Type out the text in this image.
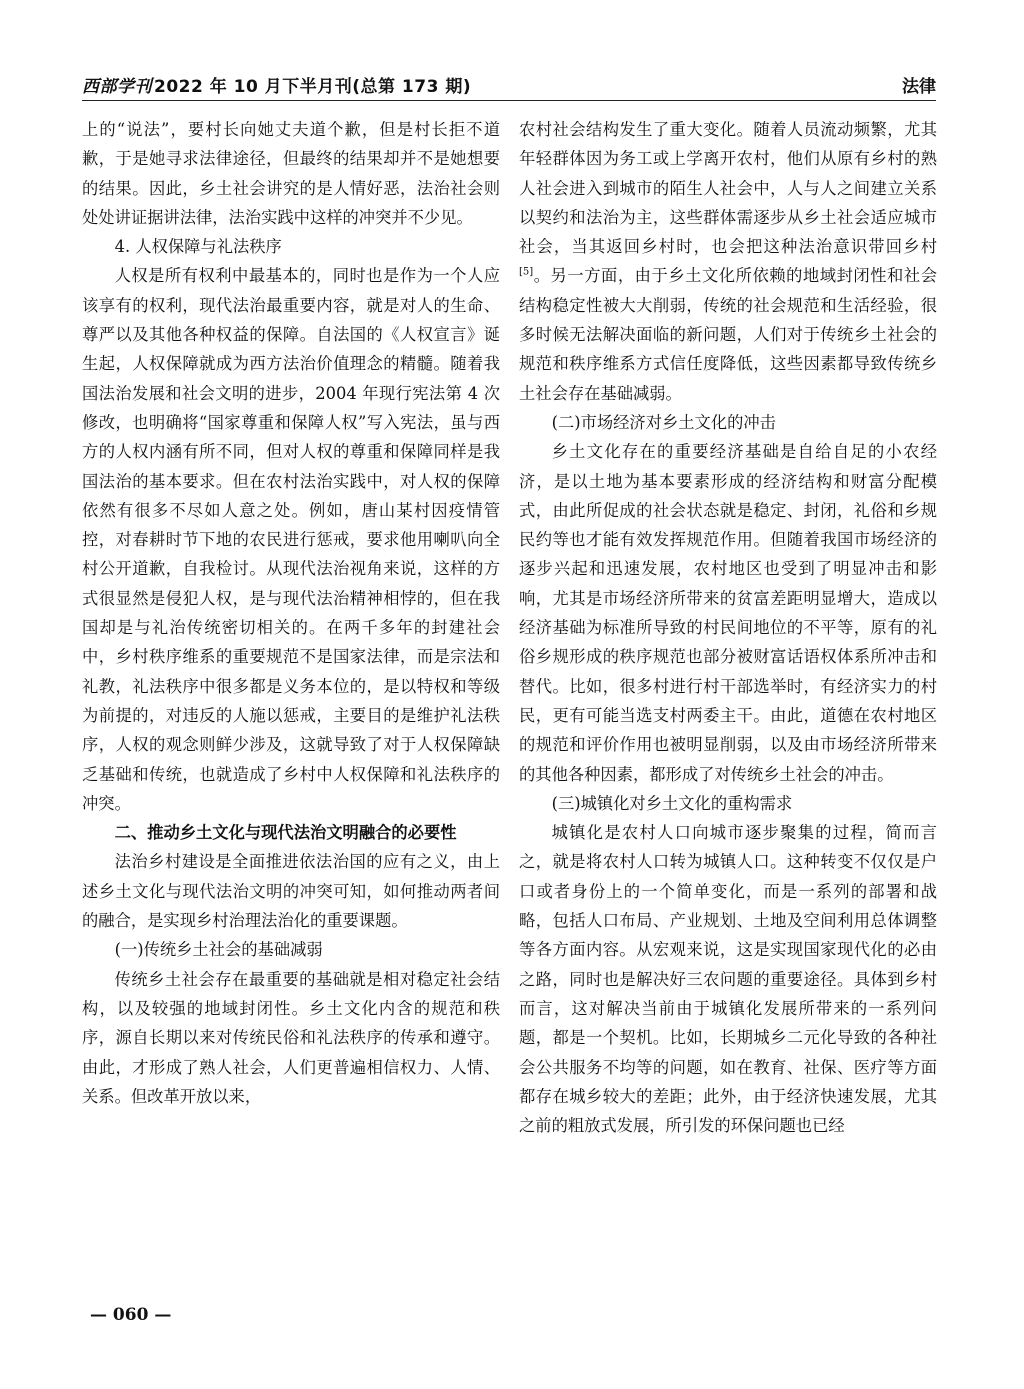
西部学刊 2022 年 10 月下半月刊(总第 173 期)	法律

上的“说法”，要村长向她丈夫道个歉，但是村长拒不道歉，于是她寻求法律途径，但最终的结果却并不是她想要的结果。因此，乡土社会讲究的是人情好恶，法治社会则处处讲证据讲法律，法治实践中这样的冲突并不少见。

4. 人权保障与礼法秩序

人权是所有权利中最基本的，同时也是作为一个人应该享有的权利，现代法治最重要内容，就是对人的生命、尊严以及其他各种权益的保障。自法国的《人权宣言》诞生起，人权保障就成为西方法治价值理念的精髓。随着我国法治发展和社会文明的进步，2004 年现行宪法第 4 次修改，也明确将“国家尊重和保障人权”写入宪法，虽与西方的人权内涵有所不同，但对人权的尊重和保障同样是我国法治的基本要求。但在农村法治实践中，对人权的保障依然有很多不尽如人意之处。例如，唐山某村因疫情管控，对春耕时节下地的农民进行惩戒，要求他用喇叭向全村公开道歉，自我检讨。从现代法治视角来说，这样的方式很显然是侵犯人权，是与现代法治精神相悖的，但在我国却是与礼治传统密切相关的。在两千多年的封建社会中，乡村秩序维系的重要规范不是国家法律，而是宗法和礼教，礼法秩序中很多都是义务本位的，是以特权和等级为前提的，对违反的人施以惩戒，主要目的是维护礼法秩序，人权的观念则鲜少涉及，这就导致了对于人权保障缺乏基础和传统，也就造成了乡村中人权保障和礼法秩序的冲突。

二、推动乡土文化与现代法治文明融合的必要性

法治乡村建设是全面推进依法治国的应有之义，由上述乡土文化与现代法治文明的冲突可知，如何推动两者间的融合，是实现乡村治理法治化的重要课题。

(一)传统乡土社会的基础减弱

传统乡土社会存在最重要的基础就是相对稳定社会结构，以及较强的地域封闭性。乡土文化内含的规范和秩序，源自长期以来对传统民俗和礼法秩序的传承和遵守。由此，才形成了熟人社会，人们更普遍相信权力、人情、关系。但改革开放以来，

农村社会结构发生了重大变化。随着人员流动频繁，尤其年轻群体因为务工或上学离开农村，他们从原有乡村的熟人社会进入到城市的陌生人社会中，人与人之间建立关系以契约和法治为主，这些群体需逐步从乡土社会适应城市社会，当其返回乡村时，也会把这种法治意识带回乡村[5]。另一方面，由于乡土文化所依赖的地域封闭性和社会结构稳定性被大大削弱，传统的社会规范和生活经验，很多时候无法解决面临的新问题，人们对于传统乡土社会的规范和秩序维系方式信任度降低，这些因素都导致传统乡土社会存在基础减弱。

(二)市场经济对乡土文化的冲击

乡土文化存在的重要经济基础是自给自足的小农经济，是以土地为基本要素形成的经济结构和财富分配模式，由此所促成的社会状态就是稳定、封闭，礼俗和乡规民约等也才能有效发挥规范作用。但随着我国市场经济的逐步兴起和迅速发展，农村地区也受到了明显冲击和影响，尤其是市场经济所带来的贫富差距明显增大，造成以经济基础为标准所导致的村民间地位的不平等，原有的礼俗乡规形成的秩序规范也部分被财富话语权体系所冲击和替代。比如，很多村进行村干部选举时，有经济实力的村民，更有可能当选支村两委主干。由此，道德在农村地区的规范和评价作用也被明显削弱，以及由市场经济所带来的其他各种因素，都形成了对传统乡土社会的冲击。

(三)城镇化对乡土文化的重构需求

城镇化是农村人口向城市逐步聚集的过程，简而言之，就是将农村人口转为城镇人口。这种转变不仅仅是户口或者身份上的一个简单变化，而是一系列的部署和战略，包括人口布局、产业规划、土地及空间利用总体调整等各方面内容。从宏观来说，这是实现国家现代化的必由之路，同时也是解决好三农问题的重要途径。具体到乡村而言，这对解决当前由于城镇化发展所带来的一系列问题，都是一个契机。比如，长期城乡二元化导致的各种社会公共服务不均等的问题，如在教育、社保、医疗等方面都存在城乡较大的差距；此外，由于经济快速发展，尤其之前的粗放式发展，所引发的环保问题也已经

— 060 —
